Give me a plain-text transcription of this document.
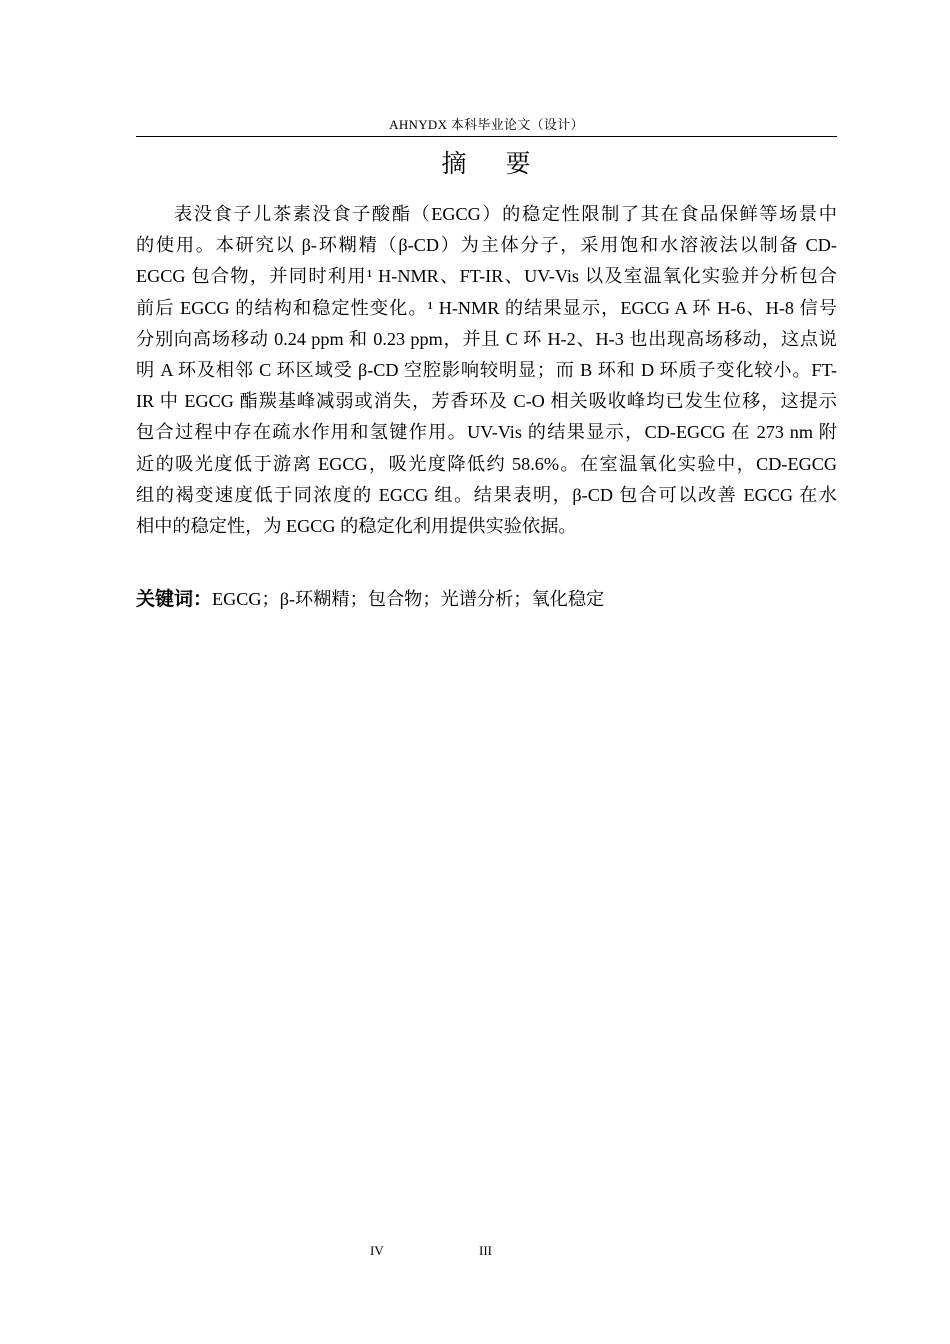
AHNYDX 本科毕业论文（设计）
摘 要
表没食子儿茶素没食子酸酯（EGCG）的稳定性限制了其在食品保鲜等场景中
的使用。本研究以 β-环糊精（β-CD）为主体分子，采用饱和水溶液法以制备 CD-
EGCG 包合物，并同时利用¹ H-NMR、FT-IR、UV-Vis 以及室温氧化实验并分析包合
前后 EGCG 的结构和稳定性变化。¹ H-NMR 的结果显示，EGCG A 环 H-6、H-8 信号
分别向高场移动 0.24 ppm 和 0.23 ppm，并且 C 环 H-2、H-3 也出现高场移动，这点说
明 A 环及相邻 C 环区域受 β-CD 空腔影响较明显；而 B 环和 D 环质子变化较小。FT-
IR 中 EGCG 酯羰基峰减弱或消失，芳香环及 C-O 相关吸收峰均已发生位移，这提示
包合过程中存在疏水作用和氢键作用。UV-Vis 的结果显示，CD-EGCG 在 273 nm 附
近的吸光度低于游离 EGCG，吸光度降低约 58.6%。在室温氧化实验中，CD-EGCG
组的褐变速度低于同浓度的 EGCG 组。结果表明，β-CD 包合可以改善 EGCG 在水
相中的稳定性，为 EGCG 的稳定化利用提供实验依据。
关键词：EGCG；β-环糊精；包合物；光谱分析；氧化稳定
IV	III
